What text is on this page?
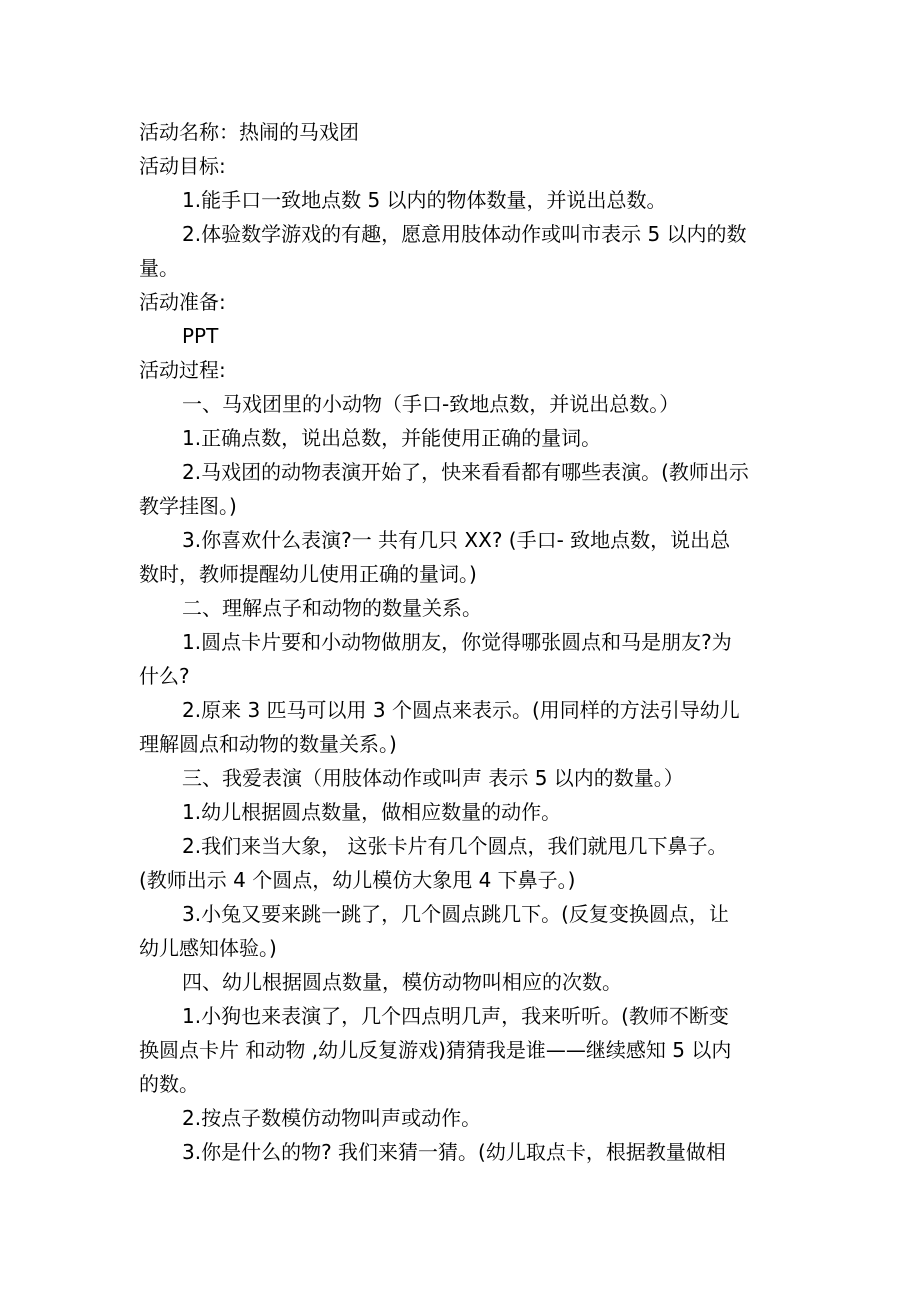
活动名称：热闹的马戏团

活动目标:

1.能手口一致地点数 5 以内的物体数量，并说出总数。

2.体验数学游戏的有趣，愿意用肢体动作或叫市表示 5 以内的数

量。

活动准备:

PPT

活动过程:

一、马戏团里的小动物（手口-致地点数，并说出总数。）

1.正确点数，说出总数，并能使用正确的量词。

2.马戏团的动物表演开始了，快来看看都有哪些表演。(教师出示

教学挂图。)

3.你喜欢什么表演?一 共有几只 XX? (手口- 致地点数，说出总

数时，教师提醒幼儿使用正确的量词。)

二、理解点子和动物的数量关系。

1.圆点卡片要和小动物做朋友，你觉得哪张圆点和马是朋友?为

什么?

2.原来 3 匹马可以用 3 个圆点来表示。(用同样的方法引导幼儿

理解圆点和动物的数量关系。)

三、我爱表演（用肢体动作或叫声 表示 5 以内的数量。）

1.幼儿根据圆点数量，做相应数量的动作。

2.我们来当大象， 这张卡片有几个圆点，我们就甩几下鼻子。

(教师出示 4 个圆点，幼儿模仿大象甩 4 下鼻子。)

3.小兔又要来跳一跳了，几个圆点跳几下。(反复变换圆点，让

幼儿感知体验。)

四、幼儿根据圆点数量，模仿动物叫相应的次数。

1.小狗也来表演了，几个四点明几声，我来听听。(教师不断变

换圆点卡片 和动物 ,幼儿反复游戏)猜猜我是谁——继续感知 5 以内

的数。

2.按点子数模仿动物叫声或动作。

3.你是什么的物? 我们来猜一猜。(幼儿取点卡，根据教量做相
